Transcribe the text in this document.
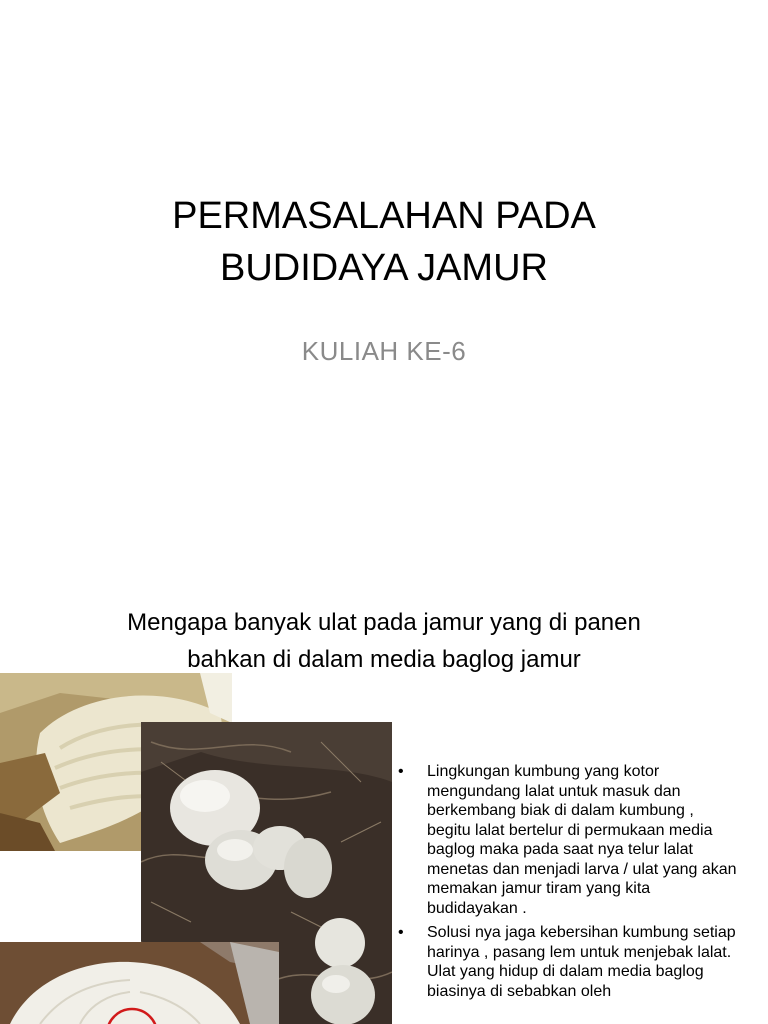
PERMASALAHAN PADA
BUDIDAYA JAMUR
KULIAH KE-6
Mengapa banyak ulat pada jamur yang di panen
bahkan di dalam media baglog jamur
• Lingkungan kumbung yang kotor mengundang lalat untuk masuk dan berkembang biak di dalam kumbung , begitu lalat bertelur di permukaan media baglog maka pada saat nya telur lalat menetas dan menjadi larva / ulat yang akan memakan jamur tiram yang kita budidayakan .
• Solusi nya jaga kebersihan kumbung setiap harinya , pasang lem untuk menjebak lalat. Ulat yang hidup di dalam media baglog biasinya di sebabkan oleh
